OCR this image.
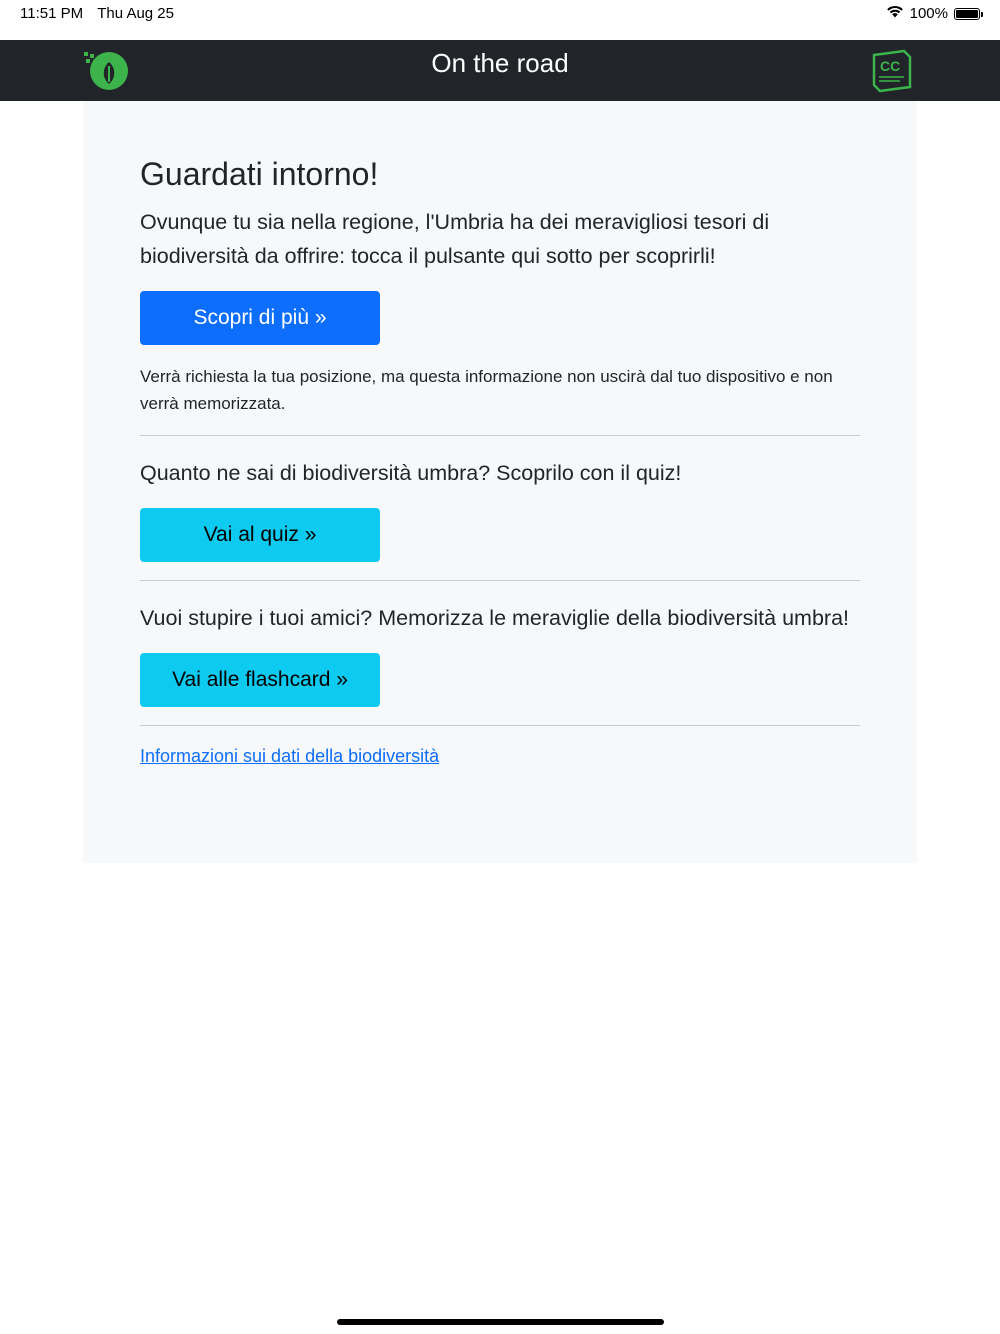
11:51 PM Thu Aug 25	100%
On the road	CC
Guardati intorno!

Ovunque tu sia nella regione, l'Umbria ha dei meravigliosi tesori di biodiversità da offrire: tocca il pulsante qui sotto per scoprirli!

Scopri di più »

Verrà richiesta la tua posizione, ma questa informazione non uscirà dal tuo dispositivo e non verrà memorizzata.

Quanto ne sai di biodiversità umbra? Scoprilo con il quiz!

Vai al quiz »

Vuoi stupire i tuoi amici? Memorizza le meraviglie della biodiversità umbra!

Vai alle flashcard »
Informazioni sui dati della biodiversità
